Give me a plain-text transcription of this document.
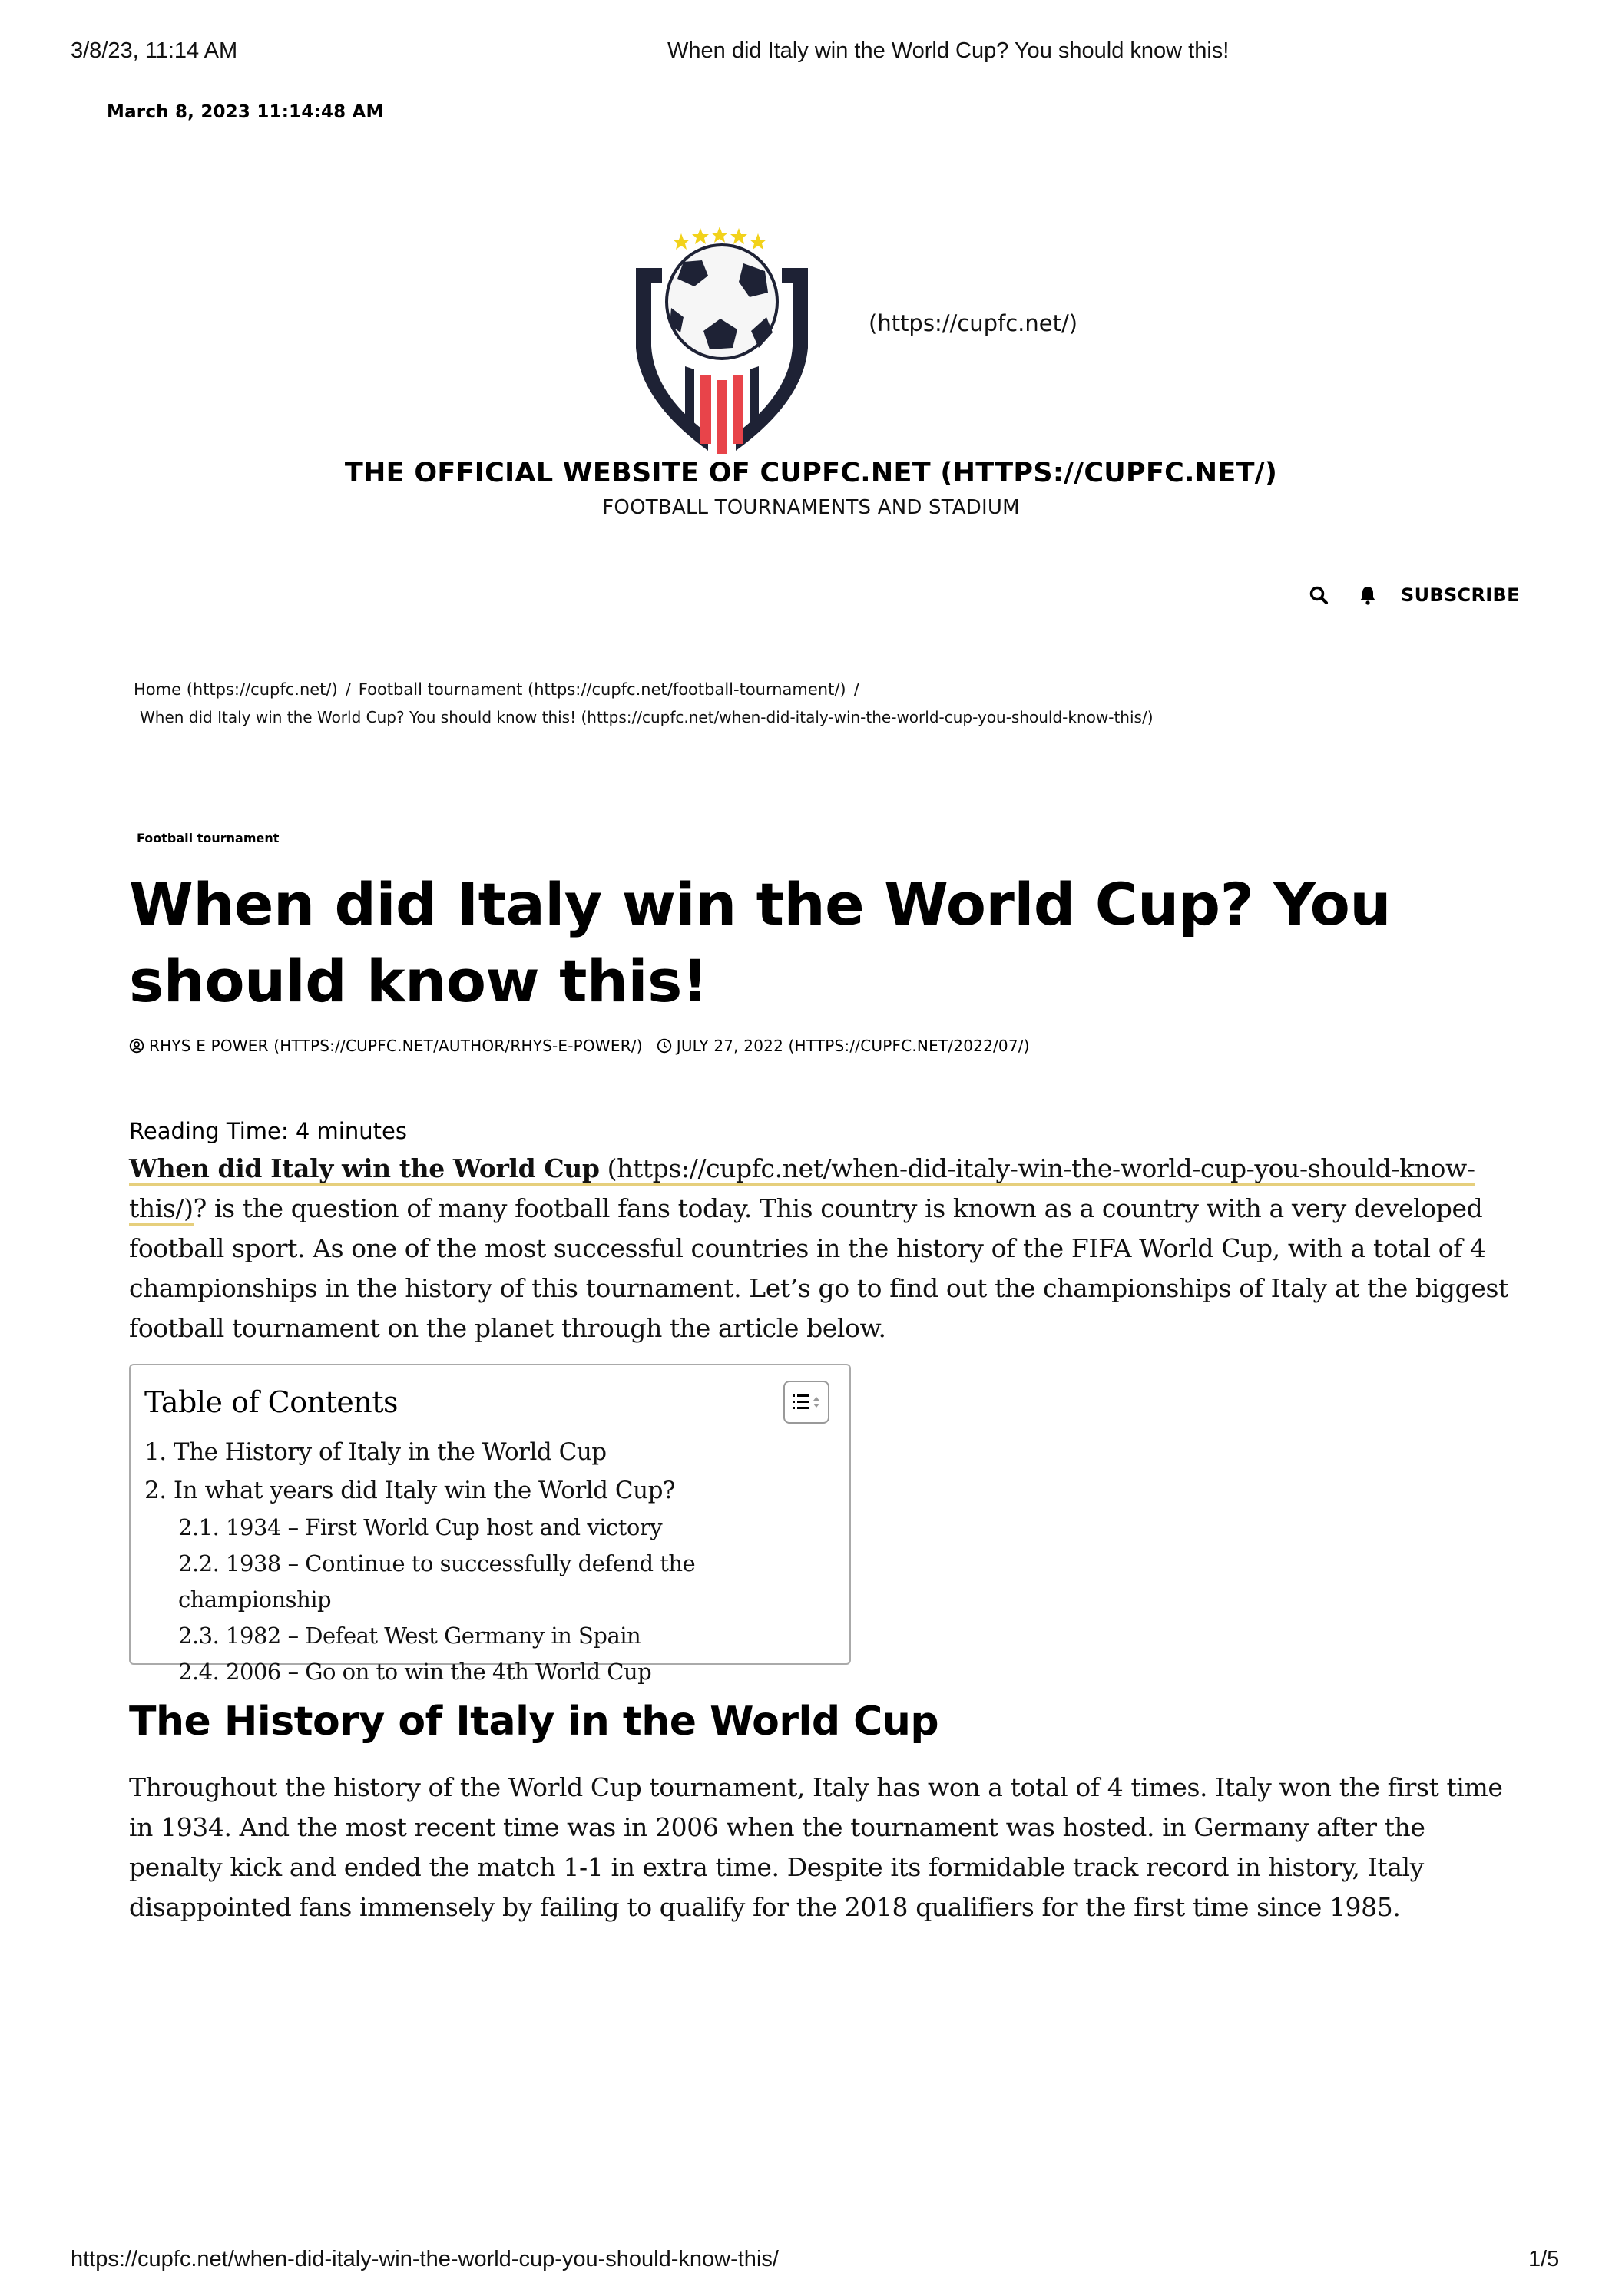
3/8/23, 11:14 AM	When did Italy win the World Cup? You should know this!
March 8, 2023 11:14:48 AM
(https://cupfc.net/)
THE OFFICIAL WEBSITE OF CUPFC.NET (HTTPS://CUPFC.NET/)
FOOTBALL TOURNAMENTS AND STADIUM
SUBSCRIBE
Home (https://cupfc.net/) / Football tournament (https://cupfc.net/football-tournament/) /
When did Italy win the World Cup? You should know this! (https://cupfc.net/when-did-italy-win-the-world-cup-you-should-know-this/)
Football tournament
When did Italy win the World Cup? You should know this!
RHYS E POWER (HTTPS://CUPFC.NET/AUTHOR/RHYS-E-POWER/) JULY 27, 2022 (HTTPS://CUPFC.NET/2022/07/)
Reading Time: 4 minutes

When did Italy win the World Cup (https://cupfc.net/when-did-italy-win-the-world-cup-you-should-know-this/)? is the question of many football fans today. This country is known as a country with a very developed football sport. As one of the most successful countries in the history of the FIFA World Cup, with a total of 4 championships in the history of this tournament. Let’s go to find out the championships of Italy at the biggest football tournament on the planet through the article below.

Table of Contents
1. The History of Italy in the World Cup
2. In what years did Italy win the World Cup?
2.1. 1934 – First World Cup host and victory
2.2. 1938 – Continue to successfully defend the championship
2.3. 1982 – Defeat West Germany in Spain
2.4. 2006 – Go on to win the 4th World Cup
The History of Italy in the World Cup

Throughout the history of the World Cup tournament, Italy has won a total of 4 times. Italy won the first time in 1934. And the most recent time was in 2006 when the tournament was hosted. in Germany after the penalty kick and ended the match 1-1 in extra time. Despite its formidable track record in history, Italy disappointed fans immensely by failing to qualify for the 2018 qualifiers for the first time since 1985.

https://cupfc.net/when-did-italy-win-the-world-cup-you-should-know-this/	1/5
